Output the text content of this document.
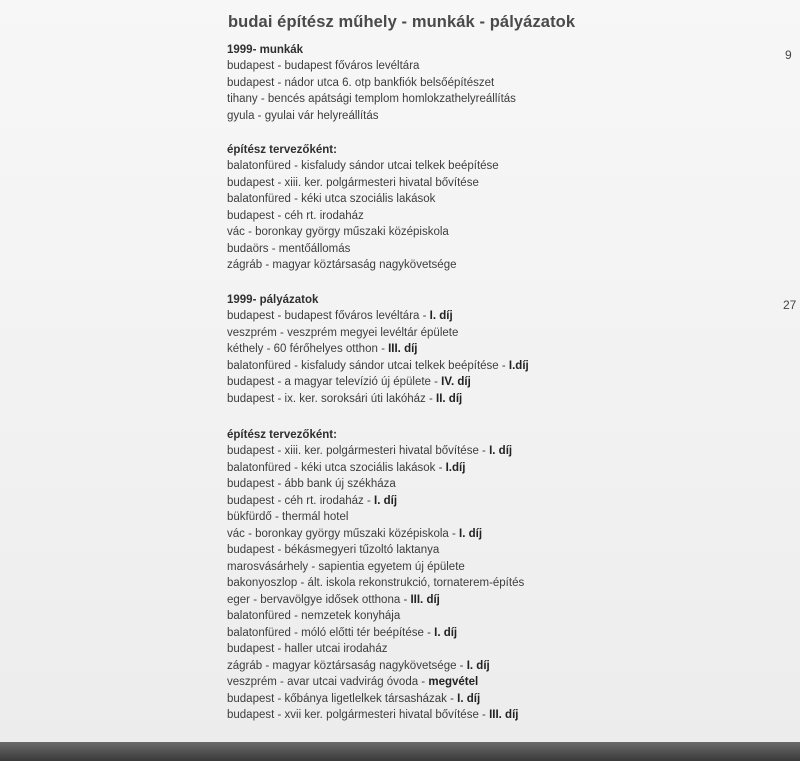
budai építész műhely - munkák - pályázatok
9
27
1999- munkák
budapest - budapest főváros levéltára
budapest - nádor utca 6. otp bankfiók belsőépítészet
tihany - bencés apátsági templom homlokzathelyreállítás
gyula - gyulai vár helyreállítás
építész tervezőként:
balatonfüred - kisfaludy sándor utcai telkek beépítése
budapest - xiii. ker. polgármesteri hivatal bővítése
balatonfüred - kéki utca szociális lakások
budapest - céh rt. irodaház
vác - boronkay györgy műszaki középiskola
budaörs - mentőállomás
zágráb - magyar köztársaság nagykövetsége
1999- pályázatok
budapest - budapest főváros levéltára - I. díj
veszprém - veszprém megyei levéltár épülete
kéthely - 60 férőhelyes otthon - III. díj
balatonfüred - kisfaludy sándor utcai telkek beépítése - I.díj
budapest - a magyar televízió új épülete - IV. díj
budapest - ix. ker. soroksári úti lakóház - II. díj
építész tervezőként:
budapest - xiii. ker. polgármesteri hivatal bővítése - I. díj
balatonfüred - kéki utca szociális lakások - I.díj
budapest - ább bank új székháza
budapest - céh rt. irodaház - I. díj
bükfürdő - thermál hotel
vác - boronkay györgy műszaki középiskola - I. díj
budapest - békásmegyeri tűzoltó laktanya
marosvásárhely - sapientia egyetem új épülete
bakonyoszlop - ált. iskola rekonstrukció, tornaterem-építés
eger - bervavölgye idősek otthona - III. díj
balatonfüred - nemzetek konyhája
balatonfüred - móló előtti tér beépítése - I. díj
budapest - haller utcai irodaház
zágráb - magyar köztársaság nagykövetsége - I. díj
veszprém - avar utcai vadvirág óvoda - megvétel
budapest - kőbánya ligetlelkek társasházak - I. díj
budapest - xvii ker. polgármesteri hivatal bővítése - III. díj
